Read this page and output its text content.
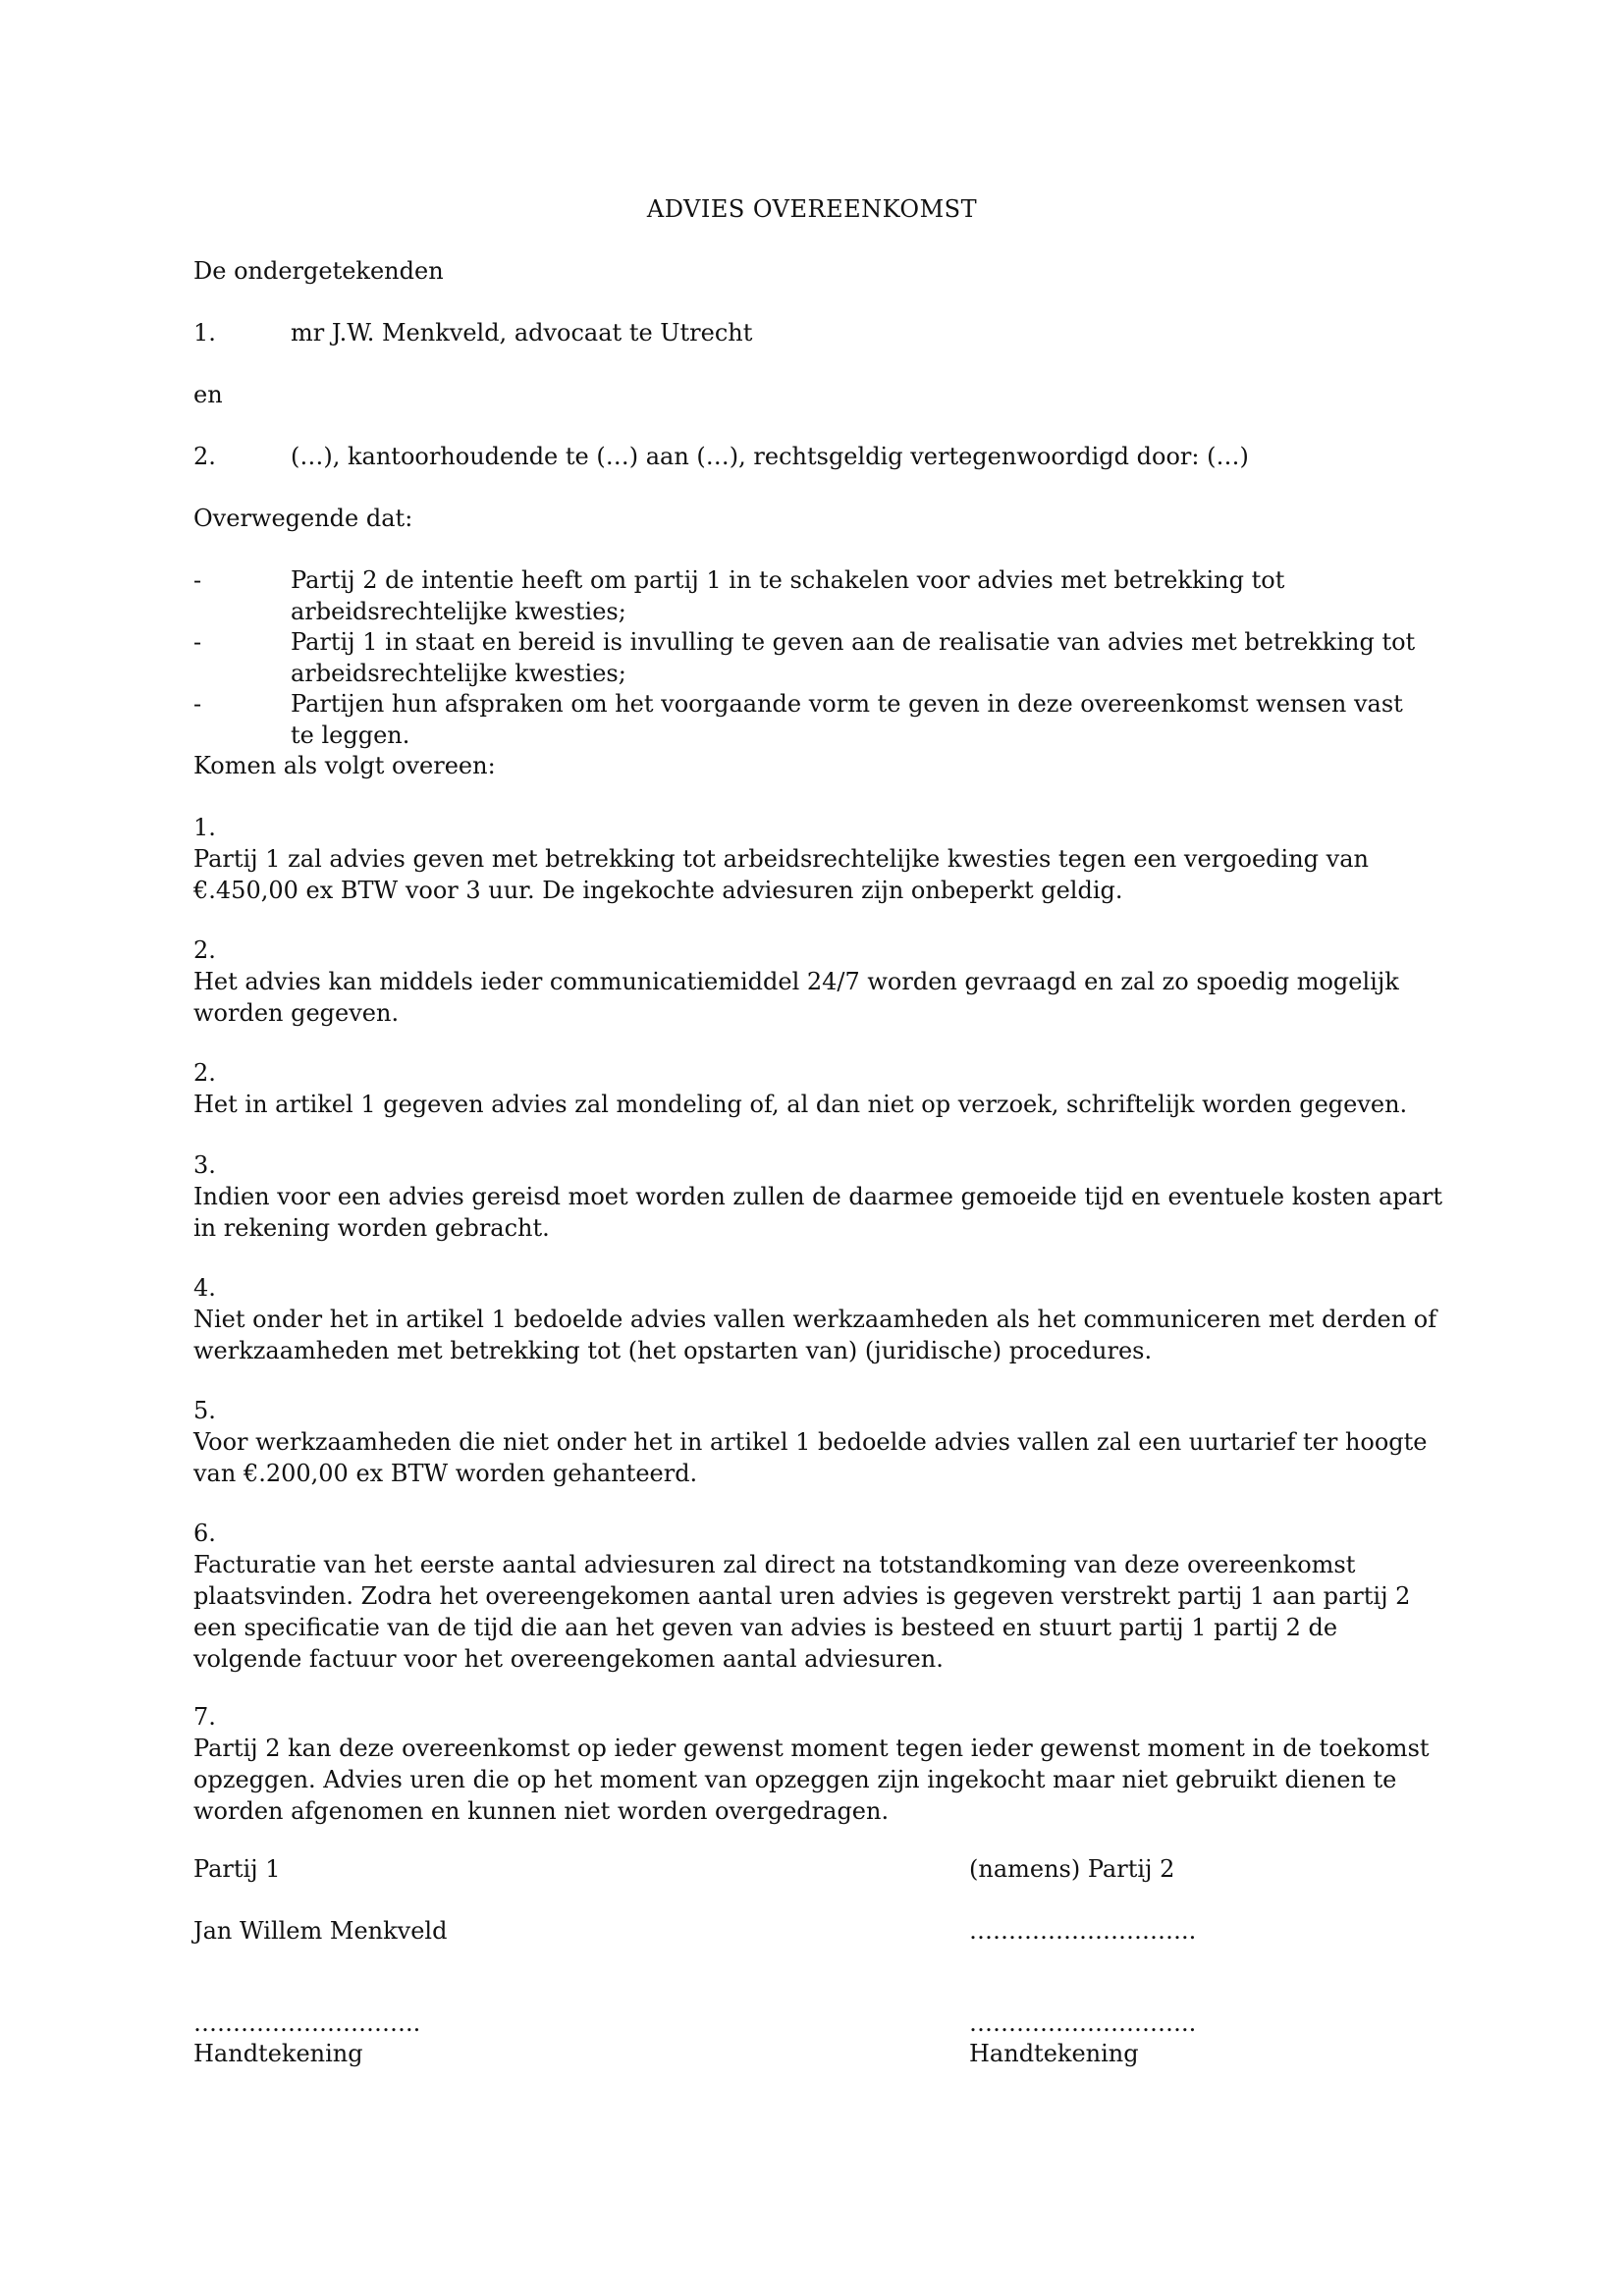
ADVIES OVEREENKOMST
De ondergetekenden
1.	mr J.W. Menkveld, advocaat te Utrecht
en
2.	(…), kantoorhoudende te (…) aan (…), rechtsgeldig vertegenwoordigd door: (…)
Overwegende dat:
-	Partij 2 de intentie heeft om partij 1 in te schakelen voor advies met betrekking tot arbeidsrechtelijke kwesties;
-	Partij 1 in staat en bereid is invulling te geven aan de realisatie van advies met betrekking tot arbeidsrechtelijke kwesties;
-	Partijen hun afspraken om het voorgaande vorm te geven in deze overeenkomst wensen vast te leggen.
Komen als volgt overeen:
1.
Partij 1 zal advies geven met betrekking tot arbeidsrechtelijke kwesties tegen een vergoeding van €.450,00 ex BTW voor 3 uur. De ingekochte adviesuren zijn onbeperkt geldig.
2.
Het advies kan middels ieder communicatiemiddel 24/7 worden gevraagd en zal zo spoedig mogelijk worden gegeven.
2.
Het in artikel 1 gegeven advies zal mondeling of, al dan niet op verzoek, schriftelijk worden gegeven.
3.
Indien voor een advies gereisd moet worden zullen de daarmee gemoeide tijd en eventuele kosten apart in rekening worden gebracht.
4.
Niet onder het in artikel 1 bedoelde advies vallen werkzaamheden als het communiceren met derden of werkzaamheden met betrekking tot (het opstarten van) (juridische) procedures.
5.
Voor werkzaamheden die niet onder het in artikel 1 bedoelde advies vallen zal een uurtarief ter hoogte van €.200,00 ex BTW worden gehanteerd.
6.
Facturatie van het eerste aantal adviesuren zal direct na totstandkoming van deze overeenkomst plaatsvinden. Zodra het overeengekomen aantal uren advies is gegeven verstrekt partij 1 aan partij 2 een specificatie van de tijd die aan het geven van advies is besteed en stuurt partij 1 partij 2 de volgende factuur voor het overeengekomen aantal adviesuren.
7.
Partij 2 kan deze overeenkomst op ieder gewenst moment tegen ieder gewenst moment in de toekomst opzeggen. Advies uren die op het moment van opzeggen zijn ingekocht maar niet gebruikt dienen te worden afgenomen en kunnen niet worden overgedragen.
Partij 1	(namens) Partij 2
Jan Willem Menkveld	………………………..
………………………..	………………………..
Handtekening	Handtekening
